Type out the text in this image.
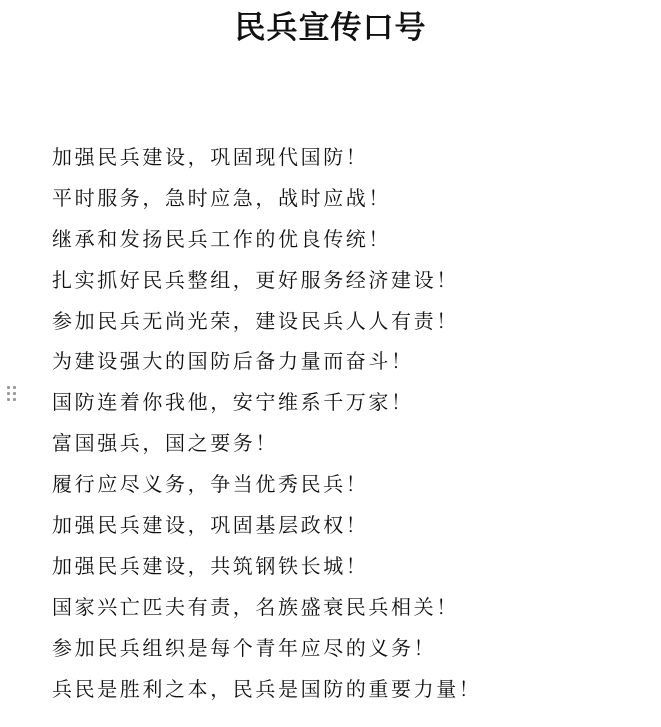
民兵宣传口号
加强民兵建设，巩固现代国防！
平时服务，急时应急，战时应战！
继承和发扬民兵工作的优良传统！
扎实抓好民兵整组，更好服务经济建设！
参加民兵无尚光荣，建设民兵人人有责！
为建设强大的国防后备力量而奋斗！
国防连着你我他，安宁维系千万家！
富国强兵，国之要务！
履行应尽义务，争当优秀民兵！
加强民兵建设，巩固基层政权！
加强民兵建设，共筑钢铁长城！
国家兴亡匹夫有责，名族盛衰民兵相关！
参加民兵组织是每个青年应尽的义务！
兵民是胜利之本，民兵是国防的重要力量！
